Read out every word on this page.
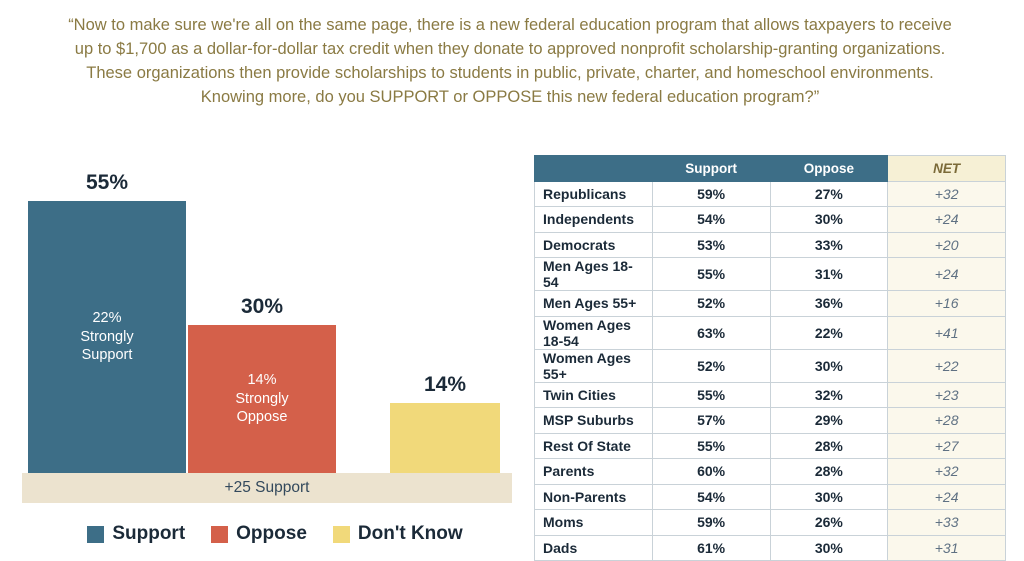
“Now to make sure we're all on the same page, there is a new federal education program that allows taxpayers to receive up to $1,700 as a dollar-for-dollar tax credit when they donate to approved nonprofit scholarship-granting organizations. These organizations then provide scholarships to students in public, private, charter, and homeschool environments. Knowing more, do you SUPPORT or OPPOSE this new federal education program?”
55%
22%
Strongly
Support
30%
14%
Strongly
Oppose
14%
+25 Support
Support	Oppose	Don't Know
	Support	Oppose	NET
Republicans	59%	27%	+32
Independents	54%	30%	+24
Democrats	53%	33%	+20
Men Ages 18-54	55%	31%	+24
Men Ages 55+	52%	36%	+16
Women Ages 18-54	63%	22%	+41
Women Ages 55+	52%	30%	+22
Twin Cities	55%	32%	+23
MSP Suburbs	57%	29%	+28
Rest Of State	55%	28%	+27
Parents	60%	28%	+32
Non-Parents	54%	30%	+24
Moms	59%	26%	+33
Dads	61%	30%	+31
